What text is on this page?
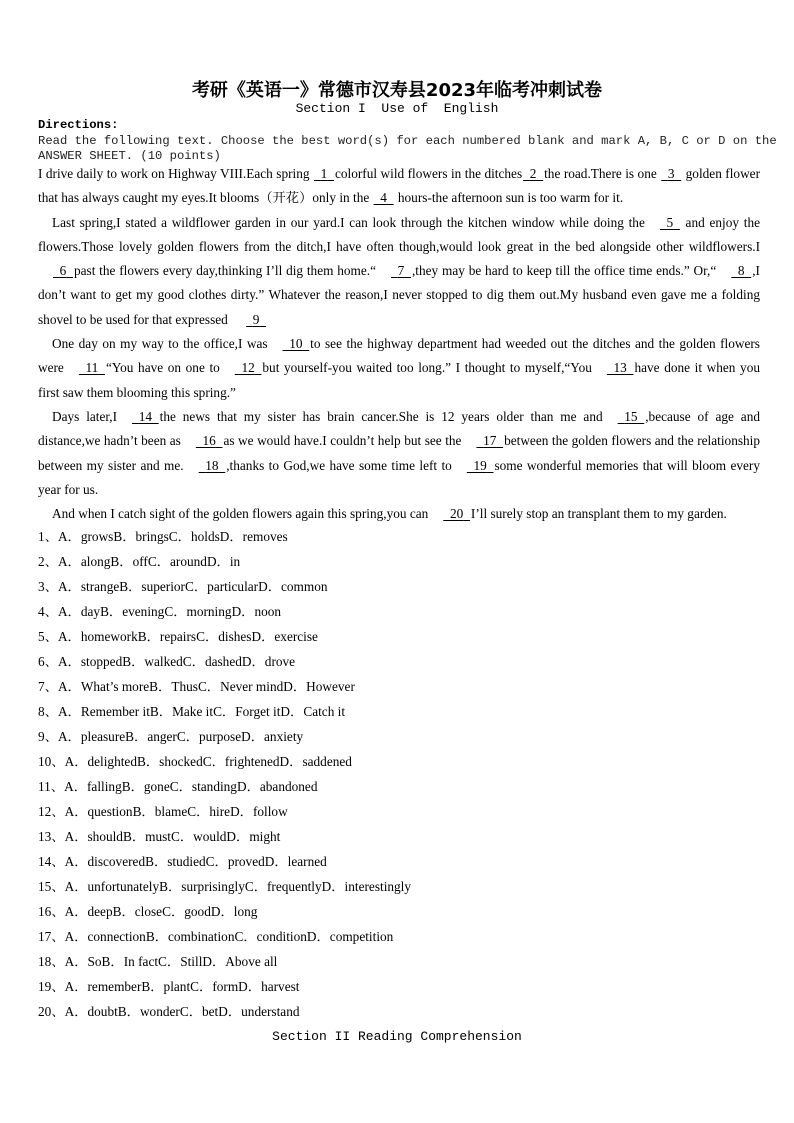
考研《英语一》常德市汉寿县2023年临考冲刺试卷
Section I  Use of  English
Directions:
Read the following text. Choose the best word(s) for each numbered blank and mark A, B, C or D on the
ANSWER SHEET. (10 points)

I drive daily to work on Highway VIII.Each spring   1 colorful wild flowers in the ditches 2 the road.There is one   3   golden flower that has always caught my eyes.It blooms（开花）only in the   4   hours-the afternoon sun is too warm for it.

Last spring,I stated a wildflower garden in our yard.I can look through the kitchen window while doing the 5   and enjoy the flowers.Those lovely golden flowers from the ditch,I have often though,would look great in the bed alongside other wildflowers.I  6 past the flowers every day,thinking I’ll dig them home.“ 7 ,they may be hard to keep till the office time ends.” Or,“ 8 ,I don’t want to get my good clothes dirty.” Whatever the reason,I never stopped to dig them out.My husband even gave me a folding shovel to be used for that expressed   9

One day on my way to the office,I was 10 to see the highway department had weeded out the ditches and the golden flowers were 11 “You have on one to 12 but yourself-you waited too long.” I thought to myself,“You 13 have done it when you first saw them blooming this spring.”

Days later,I 14 the news that my sister has brain cancer.She is 12 years older than me and 15 ,because of age and distance,we hadn’t been as 16 as we would have.I couldn’t help but see the 17 between the golden flowers and the relationship between my sister and me. 18 ,thanks to God,we have some time left to 19 some wonderful memories that will bloom every year for us.

And when I catch sight of the golden flowers again this spring,you can 20 I’ll surely stop an transplant them to my garden.

1、A．growsB．bringsC．holdsD．removes
2、A．alongB．offC．aroundD．in
3、A．strangeB．superiorC．particularD．common
4、A．dayB．eveningC．morningD．noon
5、A．homeworkB．repairsC．dishesD．exercise
6、A．stoppedB．walkedC．dashedD．drove
7、A．What’s moreB．ThusC．Never mindD．However
8、A．Remember itB．Make itC．Forget itD．Catch it
9、A．pleasureB．angerC．purposeD．anxiety
10、A．delightedB．shockedC．frightenedD．saddened
11、A．fallingB．goneC．standingD．abandoned
12、A．questionB．blameC．hireD．follow
13、A．shouldB．mustC．wouldD．might
14、A．discoveredB．studiedC．provedD．learned
15、A．unfortunatelyB．surprisinglyC．frequentlyD．interestingly
16、A．deepB．closeC．goodD．long
17、A．connectionB．combinationC．conditionD．competition
18、A．SoB．In factC．StillD．Above all
19、A．rememberB．plantC．formD．harvest
20、A．doubtB．wonderC．betD．understand
Section II Reading Comprehension
